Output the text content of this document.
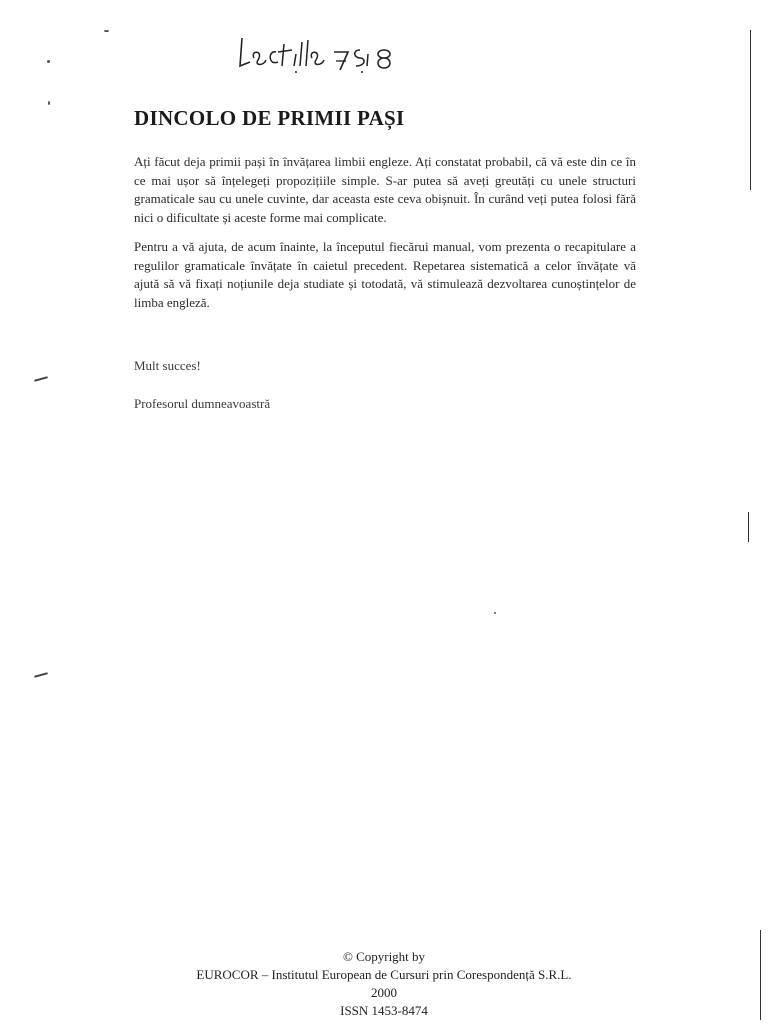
DINCOLO DE PRIMII PAȘI

Ați făcut deja primii pași în învățarea limbii engleze. Ați constatat probabil, că vă este din ce în ce mai ușor să înțelegeți propozițiile simple. S-ar putea să aveți greutăți cu unele structuri gramaticale sau cu unele cuvinte, dar aceasta este ceva obișnuit. În curând veți putea folosi fără nici o dificultate și aceste forme mai complicate.

Pentru a vă ajuta, de acum înainte, la începutul fiecărui manual, vom prezenta o recapitulare a regulilor gramaticale învățate în caietul precedent. Repetarea sistematică a celor învățate vă ajută să vă fixați noțiunile deja studiate și totodată, vă stimulează dezvoltarea cunoștințelor de limba engleză.

Mult succes!

Profesorul dumneavoastră

© Copyright by

EUROCOR – Institutul European de Cursuri prin Corespondență S.R.L.

2000

ISSN 1453-8474
